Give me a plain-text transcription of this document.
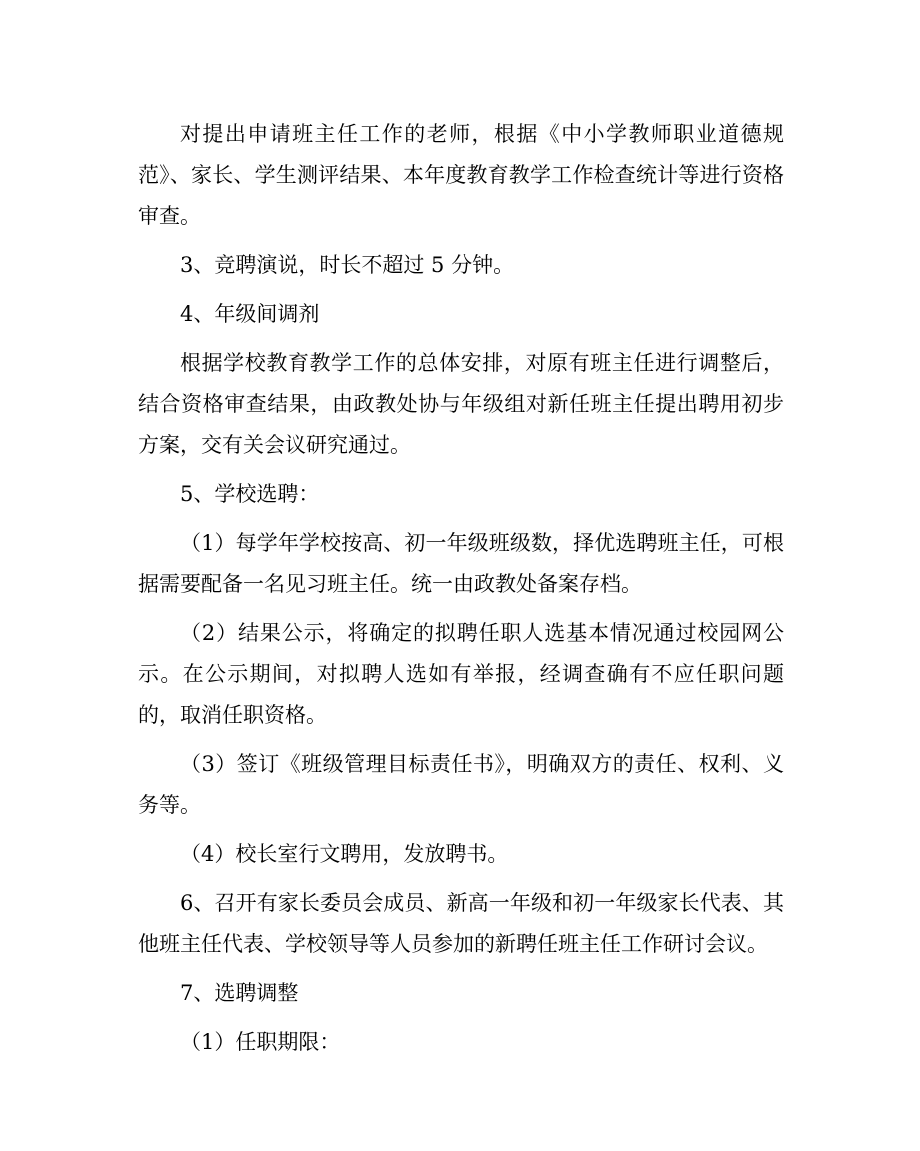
对提出申请班主任工作的老师，根据《中小学教师职业道德规范》、家长、学生测评结果、本年度教育教学工作检查统计等进行资格审查。

3、竞聘演说，时长不超过 5 分钟。

4、年级间调剂

根据学校教育教学工作的总体安排，对原有班主任进行调整后，结合资格审查结果，由政教处协与年级组对新任班主任提出聘用初步方案，交有关会议研究通过。

5、学校选聘：

（1）每学年学校按高、初一年级班级数，择优选聘班主任，可根据需要配备一名见习班主任。统一由政教处备案存档。

（2）结果公示，将确定的拟聘任职人选基本情况通过校园网公示。在公示期间，对拟聘人选如有举报，经调查确有不应任职问题的，取消任职资格。

（3）签订《班级管理目标责任书》，明确双方的责任、权利、义务等。

（4）校长室行文聘用，发放聘书。

6、召开有家长委员会成员、新高一年级和初一年级家长代表、其他班主任代表、学校领导等人员参加的新聘任班主任工作研讨会议。

7、选聘调整

（1）任职期限：
